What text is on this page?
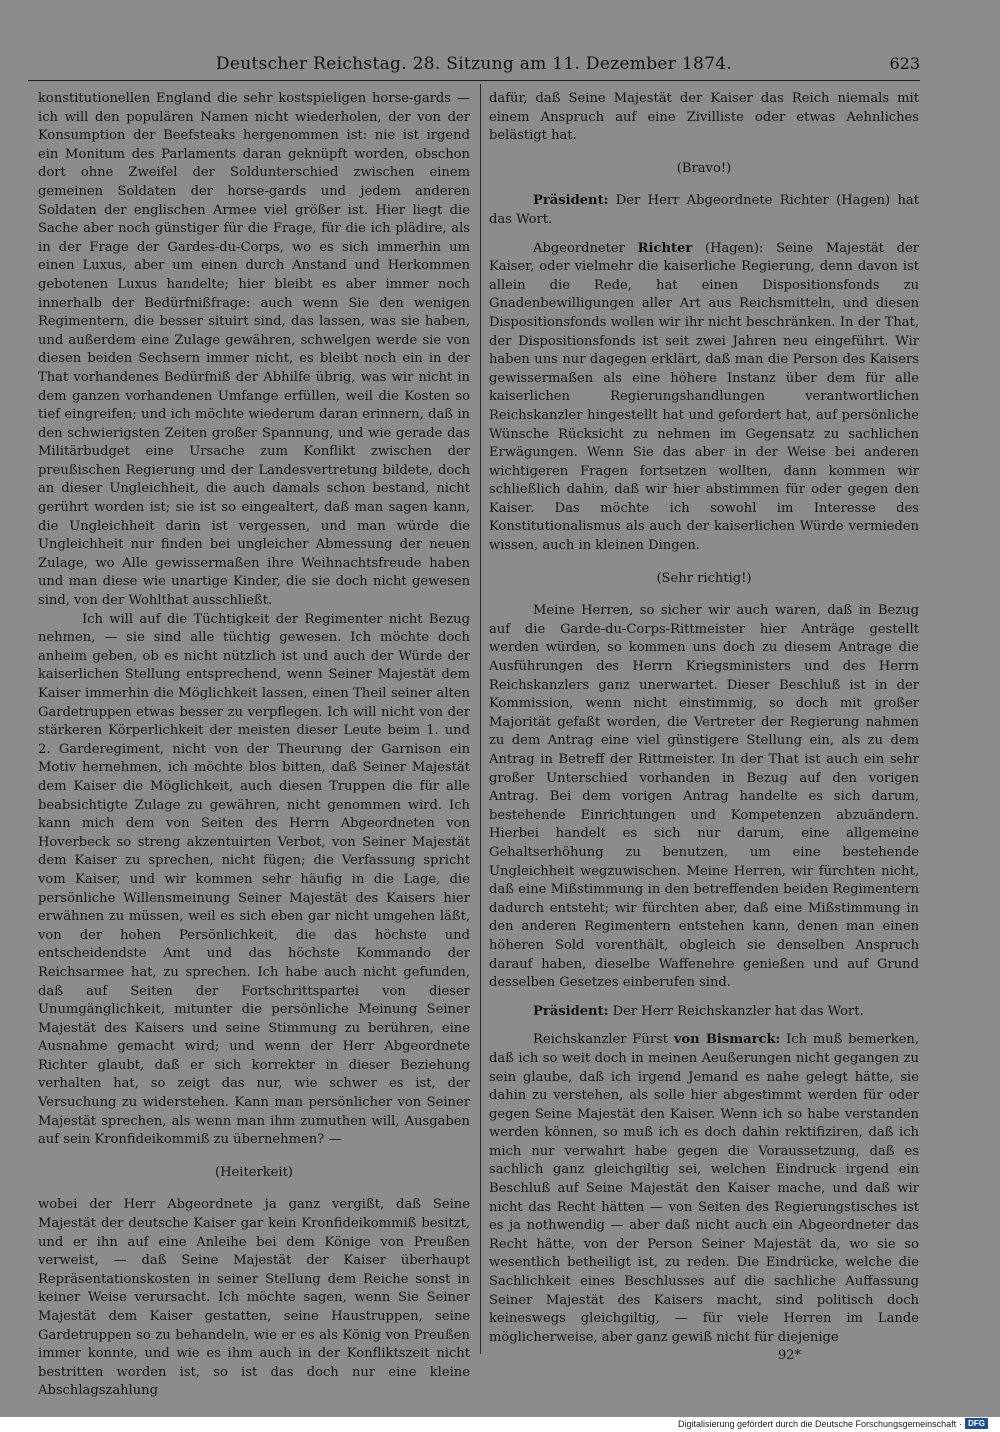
Deutscher Reichstag. 28. Sitzung am 11. Dezember 1874.	623

konstitutionellen England die sehr kostspieligen horse-gards — ich will den populären Namen nicht wiederholen, der von der Konsumption der Beefsteaks hergenommen ist: nie ist irgend ein Monitum des Parlaments daran geknüpft worden, obschon dort ohne Zweifel der Soldunterschied zwischen einem gemeinen Soldaten der horse-gards und jedem anderen Soldaten der englischen Armee viel größer ist. Hier liegt die Sache aber noch günstiger für die Frage, für die ich plädire, als in der Frage der Gardes-du-Corps, wo es sich immerhin um einen Luxus, aber um einen durch Anstand und Herkommen gebotenen Luxus handelte; hier bleibt es aber immer noch innerhalb der Bedürfnißfrage: auch wenn Sie den wenigen Regimentern, die besser situirt sind, das lassen, was sie haben, und außerdem eine Zulage gewähren, schwelgen werde sie von diesen beiden Sechsern immer nicht, es bleibt noch ein in der That vorhandenes Bedürfniß der Abhilfe übrig, was wir nicht in dem ganzen vorhandenen Umfange erfüllen, weil die Kosten so tief eingreifen; und ich möchte wiederum daran erinnern, daß in den schwierigsten Zeiten großer Spannung, und wie gerade das Militärbudget eine Ursache zum Konflikt zwischen der preußischen Regierung und der Landesvertretung bildete, doch an dieser Ungleichheit, die auch damals schon bestand, nicht gerührt worden ist; sie ist so eingealtert, daß man sagen kann, die Ungleichheit darin ist vergessen, und man würde die Ungleichheit nur finden bei ungleicher Abmessung der neuen Zulage, wo Alle gewissermaßen ihre Weihnachtsfreude haben und man diese wie unartige Kinder, die sie doch nicht gewesen sind, von der Wohlthat ausschließt.

Ich will auf die Tüchtigkeit der Regimenter nicht Bezug nehmen, — sie sind alle tüchtig gewesen. Ich möchte doch anheim geben, ob es nicht nützlich ist und auch der Würde der kaiserlichen Stellung entsprechend, wenn Seiner Majestät dem Kaiser immerhin die Möglichkeit lassen, einen Theil seiner alten Gardetruppen etwas besser zu verpflegen. Ich will nicht von der stärkeren Körperlichkeit der meisten dieser Leute beim 1. und 2. Garderegiment, nicht von der Theurung der Garnison ein Motiv hernehmen, ich möchte blos bitten, daß Seiner Majestät dem Kaiser die Möglichkeit, auch diesen Truppen die für alle beabsichtigte Zulage zu gewähren, nicht genommen wird. Ich kann mich dem von Seiten des Herrn Abgeordneten von Hoverbeck so streng akzentuirten Verbot, von Seiner Majestät dem Kaiser zu sprechen, nicht fügen; die Verfassung spricht vom Kaiser, und wir kommen sehr häufig in die Lage, die persönliche Willensmeinung Seiner Majestät des Kaisers hier erwähnen zu müssen, weil es sich eben gar nicht umgehen läßt, von der hohen Persönlichkeit, die das höchste und entscheidendste Amt und das höchste Kommando der Reichsarmee hat, zu sprechen. Ich habe auch nicht gefunden, daß auf Seiten der Fortschrittspartei von dieser Unumgänglichkeit, mitunter die persönliche Meinung Seiner Majestät des Kaisers und seine Stimmung zu berühren, eine Ausnahme gemacht wird; und wenn der Herr Abgeordnete Richter glaubt, daß er sich korrekter in dieser Beziehung verhalten hat, so zeigt das nur, wie schwer es ist, der Versuchung zu widerstehen. Kann man persönlicher von Seiner Majestät sprechen, als wenn man ihm zumuthen will, Ausgaben auf sein Kronfideikommiß zu übernehmen? —

(Heiterkeit)

wobei der Herr Abgeordnete ja ganz vergißt, daß Seine Majestät der deutsche Kaiser gar kein Kronfideikommiß besitzt, und er ihn auf eine Anleihe bei dem Könige von Preußen verweist, — daß Seine Majestät der Kaiser überhaupt Repräsentationskosten in seiner Stellung dem Reiche sonst in keiner Weise verursacht. Ich möchte sagen, wenn Sie Seiner Majestät dem Kaiser gestatten, seine Haustruppen, seine Gardetruppen so zu behandeln, wie er es als König von Preußen immer konnte, und wie es ihm auch in der Konfliktszeit nicht bestritten worden ist, so ist das doch nur eine kleine Abschlagszahlung

dafür, daß Seine Majestät der Kaiser das Reich niemals mit einem Anspruch auf eine Zivilliste oder etwas Aehnliches belästigt hat.

(Bravo!)

Präsident: Der Herr Abgeordnete Richter (Hagen) hat das Wort.

Abgeordneter Richter (Hagen): Seine Majestät der Kaiser, oder vielmehr die kaiserliche Regierung, denn davon ist allein die Rede, hat einen Dispositionsfonds zu Gnadenbewilligungen aller Art aus Reichsmitteln, und diesen Dispositionsfonds wollen wir ihr nicht beschränken. In der That, der Dispositionsfonds ist seit zwei Jahren neu eingeführt. Wir haben uns nur dagegen erklärt, daß man die Person des Kaisers gewissermaßen als eine höhere Instanz über dem für alle kaiserlichen Regierungshandlungen verantwortlichen Reichskanzler hingestellt hat und gefordert hat, auf persönliche Wünsche Rücksicht zu nehmen im Gegensatz zu sachlichen Erwägungen. Wenn Sie das aber in der Weise bei anderen wichtigeren Fragen fortsetzen wollten, dann kommen wir schließlich dahin, daß wir hier abstimmen für oder gegen den Kaiser. Das möchte ich sowohl im Interesse des Konstitutionalismus als auch der kaiserlichen Würde vermieden wissen, auch in kleinen Dingen.

(Sehr richtig!)

Meine Herren, so sicher wir auch waren, daß in Bezug auf die Garde-du-Corps-Rittmeister hier Anträge gestellt werden würden, so kommen uns doch zu diesem Antrage die Ausführungen des Herrn Kriegsministers und des Herrn Reichskanzlers ganz unerwartet. Dieser Beschluß ist in der Kommission, wenn nicht einstimmig, so doch mit großer Majorität gefaßt worden, die Vertreter der Regierung nahmen zu dem Antrag eine viel günstigere Stellung ein, als zu dem Antrag in Betreff der Rittmeister. In der That ist auch ein sehr großer Unterschied vorhanden in Bezug auf den vorigen Antrag. Bei dem vorigen Antrag handelte es sich darum, bestehende Einrichtungen und Kompetenzen abzuändern. Hierbei handelt es sich nur darum, eine allgemeine Gehaltserhöhung zu benutzen, um eine bestehende Ungleichheit wegzuwischen. Meine Herren, wir fürchten nicht, daß eine Mißstimmung in den betreffenden beiden Regimentern dadurch entsteht; wir fürchten aber, daß eine Mißstimmung in den anderen Regimentern entstehen kann, denen man einen höheren Sold vorenthält, obgleich sie denselben Anspruch darauf haben, dieselbe Waffenehre genießen und auf Grund desselben Gesetzes einberufen sind.

Präsident: Der Herr Reichskanzler hat das Wort.

Reichskanzler Fürst von Bismarck: Ich muß bemerken, daß ich so weit doch in meinen Aeußerungen nicht gegangen zu sein glaube, daß ich irgend Jemand es nahe gelegt hätte, sie dahin zu verstehen, als solle hier abgestimmt werden für oder gegen Seine Majestät den Kaiser. Wenn ich so habe verstanden werden können, so muß ich es doch dahin rektifiziren, daß ich mich nur verwahrt habe gegen die Voraussetzung, daß es sachlich ganz gleichgiltig sei, welchen Eindruck irgend ein Beschluß auf Seine Majestät den Kaiser mache, und daß wir nicht das Recht hätten — von Seiten des Regierungstisches ist es ja nothwendig — aber daß nicht auch ein Abgeordneter das Recht hätte, von der Person Seiner Majestät da, wo sie so wesentlich betheiligt ist, zu reden. Die Eindrücke, welche die Sachlichkeit eines Beschlusses auf die sachliche Auffassung Seiner Majestät des Kaisers macht, sind politisch doch keineswegs gleichgiltig, — für viele Herren im Lande möglicherweise, aber ganz gewiß nicht für diejenige

92*
Digitalisierung gefördert durch die Deutsche Forschungsgemeinschaft · DFG
